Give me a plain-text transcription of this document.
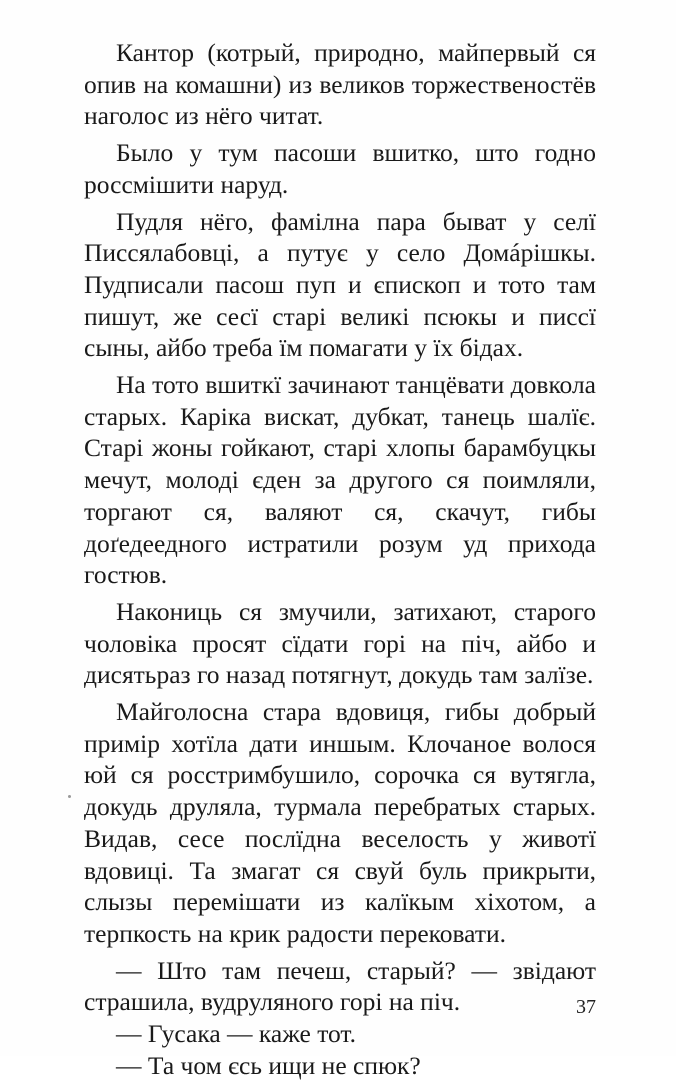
Кантор (котрый, природно, майпервый ся опив на комашни) из великов торжественостёв наголос из нёго читат.

Было у тум пасоши вшитко, што годно россмішити наруд.

Пудля нёго, фамілна пара быват у селї Писсялабовці, а путує у село Домáрішкы. Пудписали пасош пуп и єпископ и тото там пишут, же сесї старі великі псюкы и писсї сыны, айбо треба їм помагати у їх бідах.

На тото вшиткї зачинают танцёвати довкола старых. Каріка вискат, дубкат, танець шалїє. Старі жоны гойкают, старі хлопы барамбуцкы мечут, молоді єден за другого ся поимляли, торгают ся, валяют ся, скачут, гибы доґедеедного истратили розум уд прихода гостюв.

Накониць ся змучили, затихают, старого чоловіка просят сїдати горі на піч, айбо и дисятьраз го назад потягнут, докудь там залїзе.

Майголосна стара вдовиця, гибы добрый примір хотїла дати иншым. Клочаное волося юй ся росстримбушило, сорочка ся вутягла, докудь друляла, турмала перебратых старых. Видав, сесе послїдна веселость у животї вдовиці. Та змагат ся свуй буль прикрыти, слызы перемішати из калїкым хіхотом, а терпкость на крик радости перековати.

— Што там печеш, старый? — звідают страшила, вудруляного горі на піч.

— Гусака — каже тот.

— Та чом єсь ищи не спюк?

37
